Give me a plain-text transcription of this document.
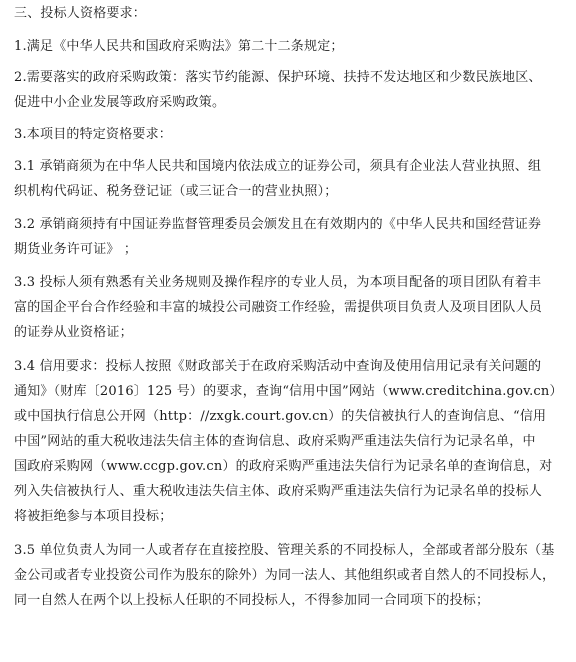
三、投标人资格要求：
1.满足《中华人民共和国政府采购法》第二十二条规定；
2.需要落实的政府采购政策：落实节约能源、保护环境、扶持不发达地区和少数民族地区、
促进中小企业发展等政府采购政策。
3.本项目的特定资格要求：
3.1 承销商须为在中华人民共和国境内依法成立的证券公司，须具有企业法人营业执照、组
织机构代码证、税务登记证（或三证合一的营业执照）；
3.2 承销商须持有中国证券监督管理委员会颁发且在有效期内的《中华人民共和国经营证券
期货业务许可证》 ；
3.3 投标人须有熟悉有关业务规则及操作程序的专业人员，为本项目配备的项目团队有着丰
富的国企平台合作经验和丰富的城投公司融资工作经验，需提供项目负责人及项目团队人员
的证券从业资格证；
3.4 信用要求：投标人按照《财政部关于在政府采购活动中查询及使用信用记录有关问题的
通知》（财库〔2016〕125 号）的要求，查询“信用中国”网站（www.creditchina.gov.cn）
或中国执行信息公开网（http：//zxgk.court.gov.cn）的失信被执行人的查询信息、“信用
中国”网站的重大税收违法失信主体的查询信息、政府采购严重违法失信行为记录名单，中
国政府采购网（www.ccgp.gov.cn）的政府采购严重违法失信行为记录名单的查询信息，对
列入失信被执行人、重大税收违法失信主体、政府采购严重违法失信行为记录名单的投标人
将被拒绝参与本项目投标；
3.5 单位负责人为同一人或者存在直接控股、管理关系的不同投标人，全部或者部分股东（基
金公司或者专业投资公司作为股东的除外）为同一法人、其他组织或者自然人的不同投标人，
同一自然人在两个以上投标人任职的不同投标人，不得参加同一合同项下的投标；
